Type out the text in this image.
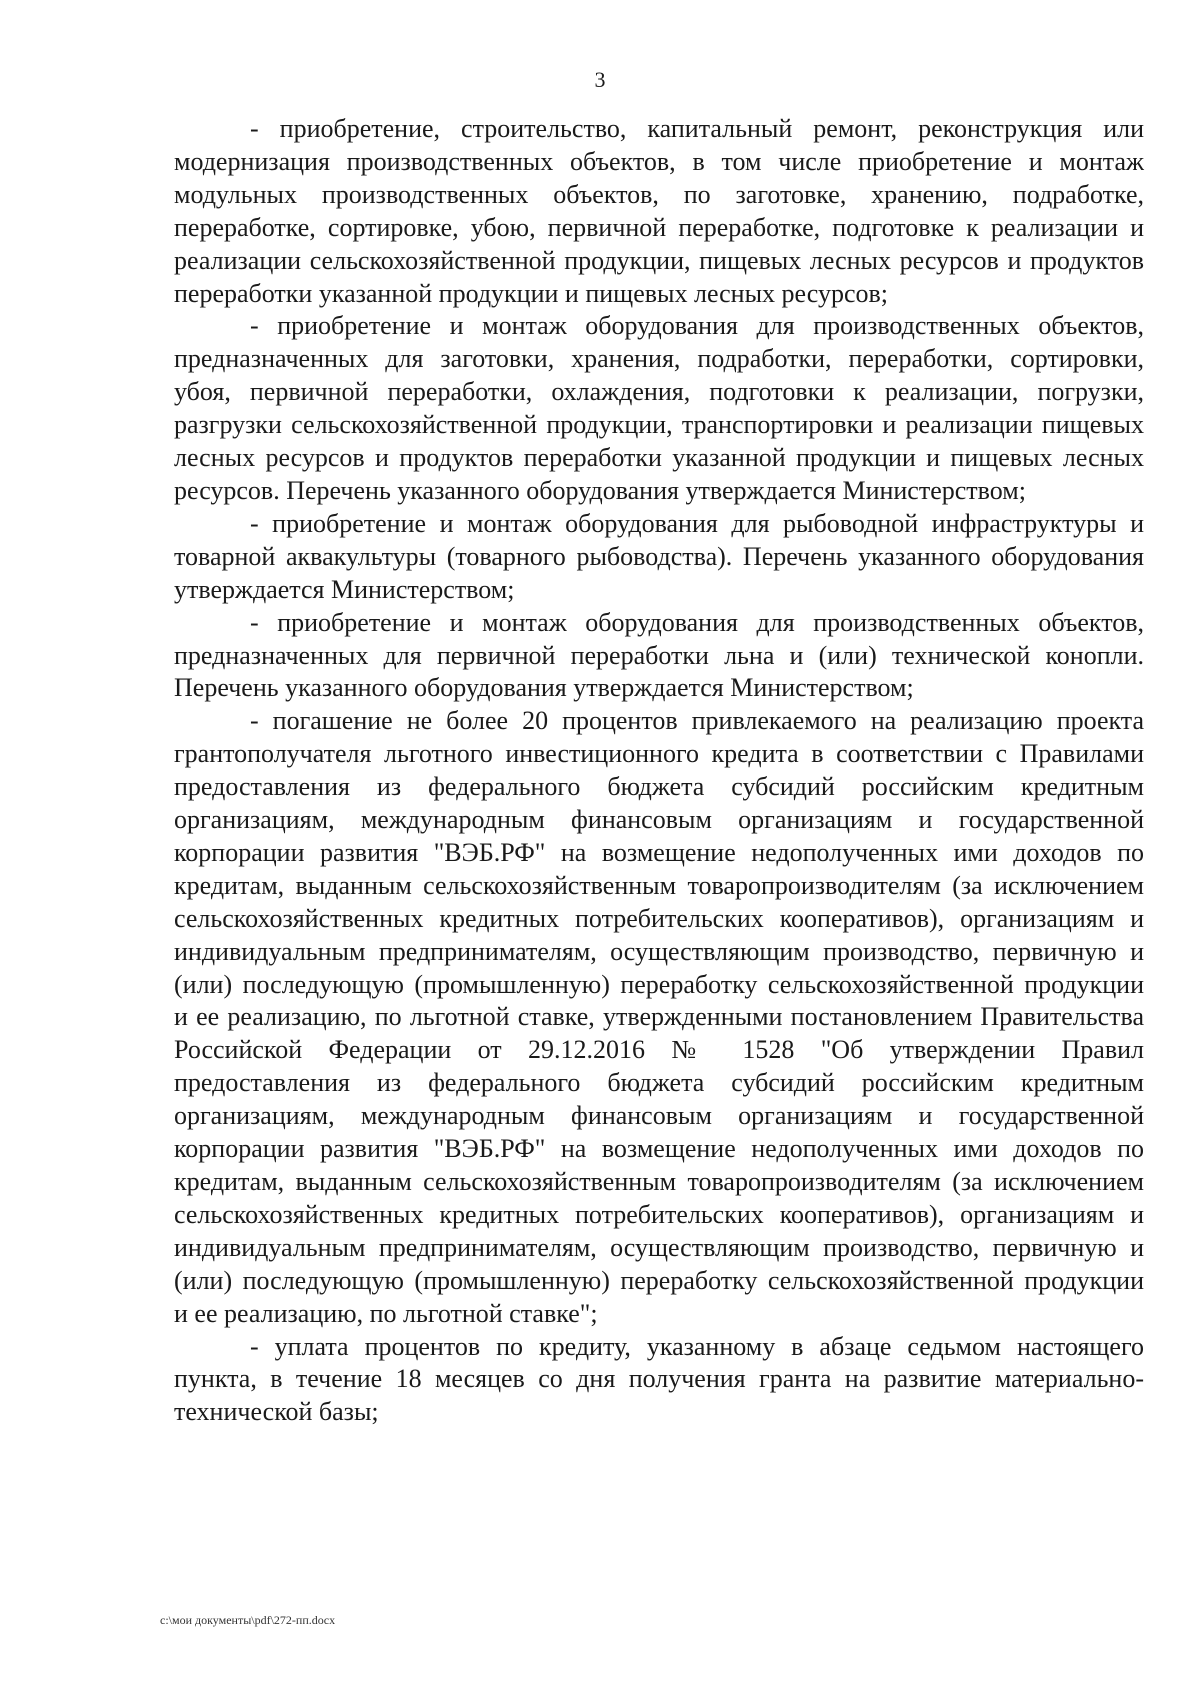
3

- приобретение, строительство, капитальный ремонт, реконструкция или модернизация производственных объектов, в том числе приобретение и монтаж модульных производственных объектов, по заготовке, хранению, подработке, переработке, сортировке, убою, первичной переработке, подготовке к реализации и реализации сельскохозяйственной продукции, пищевых лесных ресурсов и продуктов переработки указанной продукции и пищевых лесных ресурсов;

- приобретение и монтаж оборудования для производственных объектов, предназначенных для заготовки, хранения, подработки, переработки, сортировки, убоя, первичной переработки, охлаждения, подготовки к реализации, погрузки, разгрузки сельскохозяйственной продукции, транспортировки и реализации пищевых лесных ресурсов и продуктов переработки указанной продукции и пищевых лесных ресурсов. Перечень указанного оборудования утверждается Министерством;

- приобретение и монтаж оборудования для рыбоводной инфраструктуры и товарной аквакультуры (товарного рыбоводства). Перечень указанного оборудования утверждается Министерством;

- приобретение и монтаж оборудования для производственных объектов, предназначенных для первичной переработки льна и (или) технической конопли. Перечень указанного оборудования утверждается Министерством;

- погашение не более 20 процентов привлекаемого на реализацию проекта грантополучателя льготного инвестиционного кредита в соответствии с Правилами предоставления из федерального бюджета субсидий российским кредитным организациям, международным финансовым организациям и государственной корпорации развития "ВЭБ.РФ" на возмещение недополученных ими доходов по кредитам, выданным сельскохозяйственным товаропроизводителям (за исключением сельскохозяйственных кредитных потребительских кооперативов), организациям и индивидуальным предпринимателям, осуществляющим производство, первичную и (или) последующую (промышленную) переработку сельскохозяйственной продукции и ее реализацию, по льготной ставке, утвержденными постановлением Правительства Российской Федерации от 29.12.2016 № 1528 "Об утверждении Правил предоставления из федерального бюджета субсидий российским кредитным организациям, международным финансовым организациям и государственной корпорации развития "ВЭБ.РФ" на возмещение недополученных ими доходов по кредитам, выданным сельскохозяйственным товаропроизводителям (за исключением сельскохозяйственных кредитных потребительских кооперативов), организациям и индивидуальным предпринимателям, осуществляющим производство, первичную и (или) последующую (промышленную) переработку сельскохозяйственной продукции и ее реализацию, по льготной ставке";

- уплата процентов по кредиту, указанному в абзаце седьмом настоящего пункта, в течение 18 месяцев со дня получения гранта на развитие материально-технической базы;

c:\мои документы\pdf\272-пп.docx
